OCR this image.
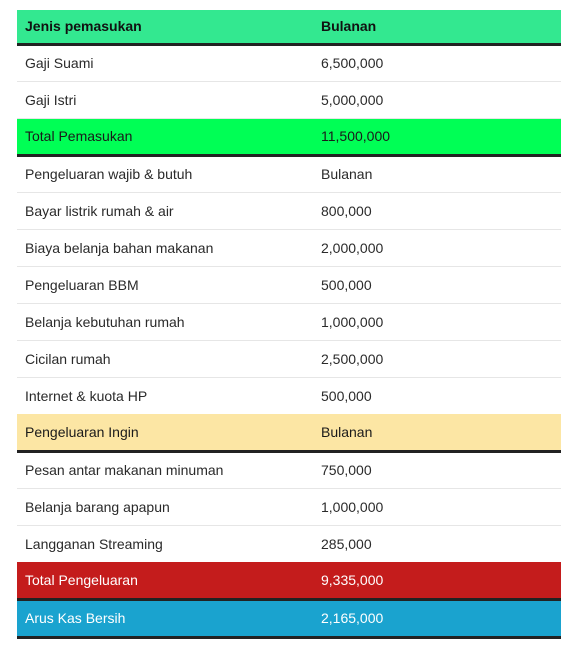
Jenis pemasukan	Bulanan
Gaji Suami	6,500,000
Gaji Istri	5,000,000
Total Pemasukan	11,500,000
Pengeluaran wajib & butuh	Bulanan
Bayar listrik rumah & air	800,000
Biaya belanja bahan makanan	2,000,000
Pengeluaran BBM	500,000
Belanja kebutuhan rumah	1,000,000
Cicilan rumah	2,500,000
Internet & kuota HP	500,000
Pengeluaran Ingin	Bulanan
Pesan antar makanan minuman	750,000
Belanja barang apapun	1,000,000
Langganan Streaming	285,000
Total Pengeluaran	9,335,000
Arus Kas Bersih	2,165,000
